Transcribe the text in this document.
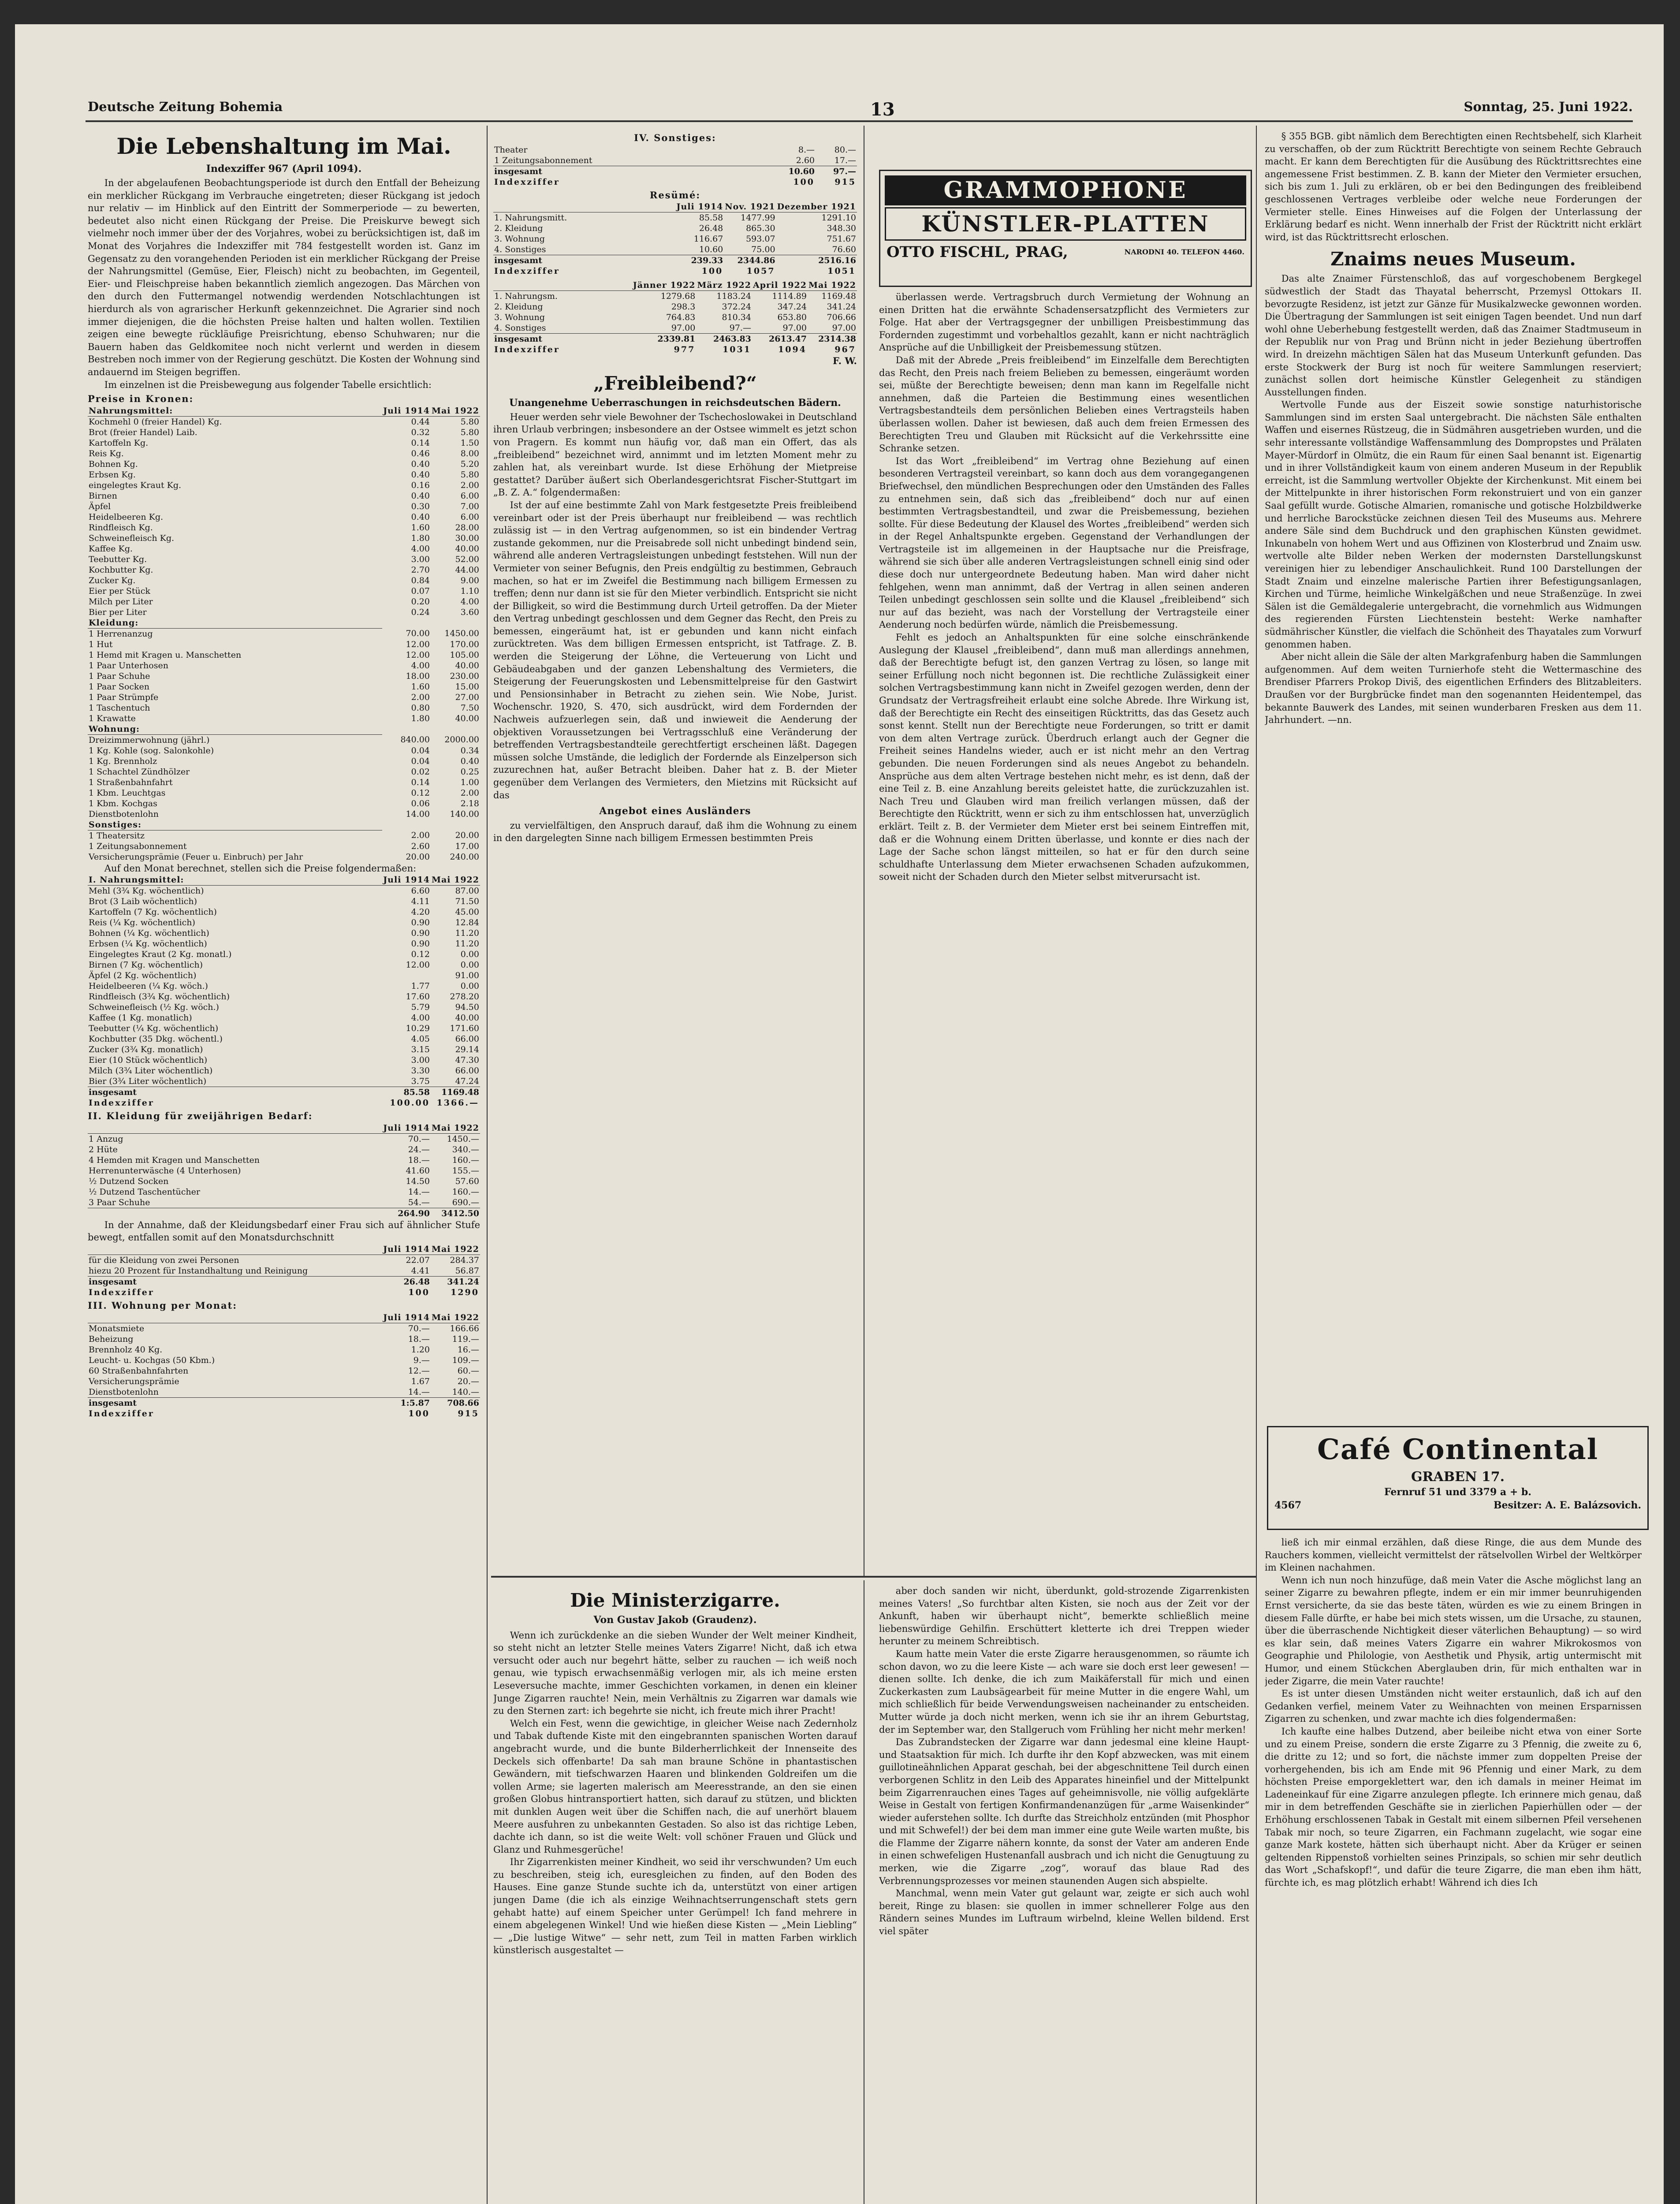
Deutsche Zeitung Bohemia	13	Sonntag, 25. Juni 1922.
Die Lebenshaltung im Mai.
Indexziffer 967 (April 1094).

In der abgelaufenen Beobachtungsperiode ist durch den Entfall der Beheizung ein merklicher Rückgang im Verbrauche eingetreten; dieser Rückgang ist jedoch nur relativ — im Hinblick auf den Eintritt der Sommerperiode — zu bewerten, bedeutet also nicht einen Rückgang der Preise. Die Preiskurve bewegt sich vielmehr noch immer über der des Vorjahres, wobei zu berücksichtigen ist, daß im Monat des Vorjahres die Indexziffer mit 784 festgestellt worden ist. Ganz im Gegensatz zu den vorangehenden Perioden ist ein merklicher Rückgang der Preise der Nahrungsmittel (Gemüse, Eier, Fleisch) nicht zu beobachten, im Gegenteil, Eier- und Fleischpreise haben bekanntlich ziemlich angezogen. Das Märchen von den durch den Futtermangel notwendig werdenden Notschlachtungen ist hierdurch als von agrarischer Herkunft gekennzeichnet. Die Agrarier sind noch immer diejenigen, die die höchsten Preise halten und halten wollen. Textilien zeigen eine bewegte rückläufige Preisrichtung, ebenso Schuhwaren; nur die Bauern haben das Geldkomitee noch nicht verlernt und werden in diesem Bestreben noch immer von der Regierung geschützt. Die Kosten der Wohnung sind andauernd im Steigen begriffen.

Im einzelnen ist die Preisbewegung aus folgender Tabelle ersichtlich:

Preise in Kronen:
Nahrungsmittel:	Juli 1914	Mai 1922
Kochmehl 0 (freier Handel) Kg.	0.44	5.80
Brot (freier Handel) Laib.	0.32	5.80
Kartoffeln Kg.	0.14	1.50
Reis Kg.	0.46	8.00
Bohnen Kg.	0.40	5.20
Erbsen Kg.	0.40	5.80
eingelegtes Kraut Kg.	0.16	2.00
Birnen	0.40	6.00
Äpfel	0.30	7.00
Heidelbeeren Kg.	0.40	6.00
Rindfleisch Kg.	1.60	28.00
Schweinefleisch Kg.	1.80	30.00
Kaffee Kg.	4.00	40.00
Teebutter Kg.	3.00	52.00
Kochbutter Kg.	2.70	44.00
Zucker Kg.	0.84	9.00
Eier per Stück	0.07	1.10
Milch per Liter	0.20	4.00
Bier per Liter	0.24	3.60
Kleidung:		
1 Herrenanzug	70.00	1450.00
1 Hut	12.00	170.00
1 Hemd mit Kragen u. Manschetten	12.00	105.00
1 Paar Unterhosen	4.00	40.00
1 Paar Schuhe	18.00	230.00
1 Paar Socken	1.60	15.00
1 Paar Strümpfe	2.00	27.00
1 Taschentuch	0.80	7.50
1 Krawatte	1.80	40.00
Wohnung:		
Dreizimmerwohnung (jährl.)	840.00	2000.00
1 Kg. Kohle (sog. Salonkohle)	0.04	0.34
1 Kg. Brennholz	0.04	0.40
1 Schachtel Zündhölzer	0.02	0.25
1 Straßenbahnfahrt	0.14	1.00
1 Kbm. Leuchtgas	0.12	2.00
1 Kbm. Kochgas	0.06	2.18
Dienstbotenlohn	14.00	140.00
Sonstiges:		
1 Theatersitz	2.00	20.00
1 Zeitungsabonnement	2.60	17.00
Versicherungsprämie (Feuer u. Einbruch) per Jahr	20.00	240.00

Auf den Monat berechnet, stellen sich die Preise folgendermaßen:

I. Nahrungsmittel:	Juli 1914	Mai 1922
Mehl (3¾ Kg. wöchentlich)	6.60	87.00
Brot (3 Laib wöchentlich)	4.11	71.50
Kartoffeln (7 Kg. wöchentlich)	4.20	45.00
Reis (¼ Kg. wöchentlich)	0.90	12.84
Bohnen (¼ Kg. wöchentlich)	0.90	11.20
Erbsen (¼ Kg. wöchentlich)	0.90	11.20
Eingelegtes Kraut (2 Kg. monatl.)	0.12	0.00
Birnen (7 Kg. wöchentlich)	12.00	0.00
Äpfel (2 Kg. wöchentlich)		91.00
Heidelbeeren (¼ Kg. wöch.)	1.77	0.00
Rindfleisch (3¾ Kg. wöchentlich)	17.60	278.20
Schweinefleisch (½ Kg. wöch.)	5.79	94.50
Kaffee (1 Kg. monatlich)	4.00	40.00
Teebutter (¼ Kg. wöchentlich)	10.29	171.60
Kochbutter (35 Dkg. wöchentl.)	4.05	66.00
Zucker (3¾ Kg. monatlich)	3.15	29.14
Eier (10 Stück wöchentlich)	3.00	47.30
Milch (3¾ Liter wöchentlich)	3.30	66.00
Bier (3¾ Liter wöchentlich)	3.75	47.24
insgesamt	85.58	1169.48
Indexziffer	100.00	1366.—
II. Kleidung für zweijährigen Bedarf:
	Juli 1914	Mai 1922
1 Anzug	70.—	1450.—
2 Hüte	24.—	340.—
4 Hemden mit Kragen und Manschetten	18.—	160.—
Herrenunterwäsche (4 Unterhosen)	41.60	155.—
½ Dutzend Socken	14.50	57.60
½ Dutzend Taschentücher	14.—	160.—
3 Paar Schuhe	54.—	690.—
	264.90	3412.50

In der Annahme, daß der Kleidungsbedarf einer Frau sich auf ähnlicher Stufe bewegt, entfallen somit auf den Monatsdurchschnitt

	Juli 1914	Mai 1922
für die Kleidung von zwei Personen	22.07	284.37
hiezu 20 Prozent für Instandhaltung und Reinigung	4.41	56.87
insgesamt	26.48	341.24
Indexziffer	100	1290
III. Wohnung per Monat:
	Juli 1914	Mai 1922
Monatsmiete	70.—	166.66
Beheizung	18.—	119.—
Brennholz 40 Kg.	1.20	16.—
Leucht- u. Kochgas (50 Kbm.)	9.—	109.—
60 Straßenbahnfahrten	12.—	60.—
Versicherungsprämie	1.67	20.—
Dienstbotenlohn	14.—	140.—
insgesamt	1:5.87	708.66
Indexziffer	100	915
IV. Sonstiges:
Theater	8.—	80.—
1 Zeitungsabonnement	2.60	17.—
insgesamt	10.60	97.—
Indexziffer	100	915
Resümé:
	Juli 1914	Nov. 1921	Dezember 1921
1. Nahrungsmitt.	85.58	1477.99	1291.10
2. Kleidung	26.48	865.30	348.30
3. Wohnung	116.67	593.07	751.67
4. Sonstiges	10.60	75.00	76.60
insgesamt	239.33	2344.86	2516.16
Indexziffer	100	1057	1051
	Jänner 1922	März 1922	April 1922	Mai 1922
1. Nahrungsm.	1279.68	1183.24	1114.89	1169.48
2. Kleidung	298.3	372.24	347.24	341.24
3. Wohnung	764.83	810.34	653.80	706.66
4. Sonstiges	97.00	97.—	97.00	97.00
insgesamt	2339.81	2463.83	2613.47	2314.38
Indexziffer	977	1031	1094	967
F. W.
„Freibleibend?“
Unangenehme Ueberraschungen in reichsdeutschen Bädern.

Heuer werden sehr viele Bewohner der Tschechoslowakei in Deutschland ihren Urlaub verbringen; insbesondere an der Ostsee wimmelt es jetzt schon von Pragern. Es kommt nun häufig vor, daß man ein Offert, das als „freibleibend“ bezeichnet wird, annimmt und im letzten Moment mehr zu zahlen hat, als vereinbart wurde. Ist diese Erhöhung der Mietpreise gestattet? Darüber äußert sich Oberlandesgerichtsrat Fischer-Stuttgart im „B. Z. A.“ folgendermaßen:

Ist der auf eine bestimmte Zahl von Mark festgesetzte Preis freibleibend vereinbart oder ist der Preis überhaupt nur freibleibend — was rechtlich zulässig ist — in den Vertrag aufgenommen, so ist ein bindender Vertrag zustande gekommen, nur die Preisabrede soll nicht unbedingt bindend sein, während alle anderen Vertragsleistungen unbedingt feststehen. Will nun der Vermieter von seiner Befugnis, den Preis endgültig zu bestimmen, Gebrauch machen, so hat er im Zweifel die Bestimmung nach billigem Ermessen zu treffen; denn nur dann ist sie für den Mieter verbindlich. Entspricht sie nicht der Billigkeit, so wird die Bestimmung durch Urteil getroffen. Da der Mieter den Vertrag unbedingt geschlossen und dem Gegner das Recht, den Preis zu bemessen, eingeräumt hat, ist er gebunden und kann nicht einfach zurücktreten. Was dem billigen Ermessen entspricht, ist Tatfrage. Z. B. werden die Steigerung der Löhne, die Verteuerung von Licht und Gebäudeabgaben und der ganzen Lebenshaltung des Vermieters, die Steigerung der Feuerungskosten und Lebensmittelpreise für den Gastwirt und Pensionsinhaber in Betracht zu ziehen sein. Wie Nobe, Jurist. Wochenschr. 1920, S. 470, sich ausdrückt, wird dem Fordernden der Nachweis aufzuerlegen sein, daß und inwieweit die Aenderung der objektiven Voraussetzungen bei Vertragsschluß eine Veränderung der betreffenden Vertragsbestandteile gerechtfertigt erscheinen läßt. Dagegen müssen solche Umstände, die lediglich der Fordernde als Einzelperson sich zuzurechnen hat, außer Betracht bleiben. Daher hat z. B. der Mieter gegenüber dem Verlangen des Vermieters, den Mietzins mit Rücksicht auf das

Angebot eines Ausländers

zu vervielfältigen, den Anspruch darauf, daß ihm die Wohnung zu einem in den dargelegten Sinne nach billigem Ermessen bestimmten Preis

GRAMMOPHONE
KÜNSTLER-PLATTEN
OTTO FISCHL, PRAG,	NARODNI 40. TELEFON 4460.

überlassen werde. Vertragsbruch durch Vermietung der Wohnung an einen Dritten hat die erwähnte Schadensersatzpflicht des Vermieters zur Folge. Hat aber der Vertragsgegner der unbilligen Preisbestimmung das Fordernden zugestimmt und vorbehaltlos gezahlt, kann er nicht nachträglich Ansprüche auf die Unbilligkeit der Preisbemessung stützen.

Daß mit der Abrede „Preis freibleibend“ im Einzelfalle dem Berechtigten das Recht, den Preis nach freiem Belieben zu bemessen, eingeräumt worden sei, müßte der Berechtigte beweisen; denn man kann im Regelfalle nicht annehmen, daß die Parteien die Bestimmung eines wesentlichen Vertragsbestandteils dem persönlichen Belieben eines Vertragsteils haben überlassen wollen. Daher ist bewiesen, daß auch dem freien Ermessen des Berechtigten Treu und Glauben mit Rücksicht auf die Verkehrssitte eine Schranke setzen.

Ist das Wort „freibleibend“ im Vertrag ohne Beziehung auf einen besonderen Vertragsteil vereinbart, so kann doch aus dem vorangegangenen Briefwechsel, den mündlichen Besprechungen oder den Umständen des Falles zu entnehmen sein, daß sich das „freibleibend“ doch nur auf einen bestimmten Vertragsbestandteil, und zwar die Preisbemessung, beziehen sollte. Für diese Bedeutung der Klausel des Wortes „freibleibend“ werden sich in der Regel Anhaltspunkte ergeben. Gegenstand der Verhandlungen der Vertragsteile ist im allgemeinen in der Hauptsache nur die Preisfrage, während sie sich über alle anderen Vertragsleistungen schnell einig sind oder diese doch nur untergeordnete Bedeutung haben. Man wird daher nicht fehlgehen, wenn man annimmt, daß der Vertrag in allen seinen anderen Teilen unbedingt geschlossen sein sollte und die Klausel „freibleibend“ sich nur auf das bezieht, was nach der Vorstellung der Vertragsteile einer Aenderung noch bedürfen würde, nämlich die Preisbemessung.

Fehlt es jedoch an Anhaltspunkten für eine solche einschränkende Auslegung der Klausel „freibleibend“, dann muß man allerdings annehmen, daß der Berechtigte befugt ist, den ganzen Vertrag zu lösen, so lange mit seiner Erfüllung noch nicht begonnen ist. Die rechtliche Zulässigkeit einer solchen Vertragsbestimmung kann nicht in Zweifel gezogen werden, denn der Grundsatz der Vertragsfreiheit erlaubt eine solche Abrede. Ihre Wirkung ist, daß der Berechtigte ein Recht des einseitigen Rücktritts, das das Gesetz auch sonst kennt. Stellt nun der Berechtigte neue Forderungen, so tritt er damit von dem alten Vertrage zurück. Überdruch erlangt auch der Gegner die Freiheit seines Handelns wieder, auch er ist nicht mehr an den Vertrag gebunden. Die neuen Forderungen sind als neues Angebot zu behandeln. Ansprüche aus dem alten Vertrage bestehen nicht mehr, es ist denn, daß der eine Teil z. B. eine Anzahlung bereits geleistet hatte, die zurückzuzahlen ist. Nach Treu und Glauben wird man freilich verlangen müssen, daß der Berechtigte den Rücktritt, wenn er sich zu ihm entschlossen hat, unverzüglich erklärt. Teilt z. B. der Vermieter dem Mieter erst bei seinem Eintreffen mit, daß er die Wohnung einem Dritten überlasse, und konnte er dies nach der Lage der Sache schon längst mitteilen, so hat er für den durch seine schuldhafte Unterlassung dem Mieter erwachsenen Schaden aufzukommen, soweit nicht der Schaden durch den Mieter selbst mitverursacht ist.

§ 355 BGB. gibt nämlich dem Berechtigten einen Rechtsbehelf, sich Klarheit zu verschaffen, ob der zum Rücktritt Berechtigte von seinem Rechte Gebrauch macht. Er kann dem Berechtigten für die Ausübung des Rücktrittsrechtes eine angemessene Frist bestimmen. Z. B. kann der Mieter den Vermieter ersuchen, sich bis zum 1. Juli zu erklären, ob er bei den Bedingungen des freibleibend geschlossenen Vertrages verbleibe oder welche neue Forderungen der Vermieter stelle. Eines Hinweises auf die Folgen der Unterlassung der Erklärung bedarf es nicht. Wenn innerhalb der Frist der Rücktritt nicht erklärt wird, ist das Rücktrittsrecht erloschen.

Znaims neues Museum.

Das alte Znaimer Fürstenschloß, das auf vorgeschobenem Bergkegel südwestlich der Stadt das Thayatal beherrscht, Przemysl Ottokars II. bevorzugte Residenz, ist jetzt zur Gänze für Musikalzwecke gewonnen worden. Die Übertragung der Sammlungen ist seit einigen Tagen beendet. Und nun darf wohl ohne Ueberhebung festgestellt werden, daß das Znaimer Stadtmuseum in der Republik nur von Prag und Brünn nicht in jeder Beziehung übertroffen wird. In dreizehn mächtigen Sälen hat das Museum Unterkunft gefunden. Das erste Stockwerk der Burg ist noch für weitere Sammlungen reserviert; zunächst sollen dort heimische Künstler Gelegenheit zu ständigen Ausstellungen finden.

Wertvolle Funde aus der Eiszeit sowie sonstige naturhistorische Sammlungen sind im ersten Saal untergebracht. Die nächsten Säle enthalten Waffen und eisernes Rüstzeug, die in Südmähren ausgetrieben wurden, und die sehr interessante vollständige Waffensammlung des Dompropstes und Prälaten Mayer-Mürdorf in Olmütz, die ein Raum für einen Saal benannt ist. Eigenartig und in ihrer Vollständigkeit kaum von einem anderen Museum in der Republik erreicht, ist die Sammlung wertvoller Objekte der Kirchenkunst. Mit einem bei der Mittelpunkte in ihrer historischen Form rekonstruiert und von ein ganzer Saal gefüllt wurde. Gotische Almarien, romanische und gotische Holzbildwerke und herrliche Barockstücke zeichnen diesen Teil des Museums aus. Mehrere andere Säle sind dem Buchdruck und den graphischen Künsten gewidmet. Inkunabeln von hohem Wert und aus Offizinen von Klosterbrud und Znaim usw. wertvolle alte Bilder neben Werken der modernsten Darstellungskunst vereinigen hier zu lebendiger Anschaulichkeit. Rund 100 Darstellungen der Stadt Znaim und einzelne malerische Partien ihrer Befestigungsanlagen, Kirchen und Türme, heimliche Winkelgäßchen und neue Straßenzüge. In zwei Sälen ist die Gemäldegalerie untergebracht, die vornehmlich aus Widmungen des regierenden Fürsten Liechtenstein besteht: Werke namhafter südmährischer Künstler, die vielfach die Schönheit des Thayatales zum Vorwurf genommen haben.

Aber nicht allein die Säle der alten Markgrafenburg haben die Sammlungen aufgenommen. Auf dem weiten Turnierhofe steht die Wettermaschine des Brendiser Pfarrers Prokop Diviš, des eigentlichen Erfinders des Blitzableiters. Draußen vor der Burgbrücke findet man den sogenannten Heidentempel, das bekannte Bauwerk des Landes, mit seinen wunderbaren Fresken aus dem 11. Jahrhundert. —nn.

Café Continental
GRABEN 17.
Fernruf 51 und 3379 a + b.
4567	Besitzer: A. E. Balázsovich.
Die Ministerzigarre.
Von Gustav Jakob (Graudenz).

Wenn ich zurückdenke an die sieben Wunder der Welt meiner Kindheit, so steht nicht an letzter Stelle meines Vaters Zigarre! Nicht, daß ich etwa versucht oder auch nur begehrt hätte, selber zu rauchen — ich weiß noch genau, wie typisch erwachsenmäßig verlogen mir, als ich meine ersten Leseversuche machte, immer Geschichten vorkamen, in denen ein kleiner Junge Zigarren rauchte! Nein, mein Verhältnis zu Zigarren war damals wie zu den Sternen zart: ich begehrte sie nicht, ich freute mich ihrer Pracht!

Welch ein Fest, wenn die gewichtige, in gleicher Weise nach Zedernholz und Tabak duftende Kiste mit den eingebrannten spanischen Worten darauf angebracht wurde, und die bunte Bilderherrlichkeit der Innenseite des Deckels sich offenbarte! Da sah man braune Schöne in phantastischen Gewändern, mit tiefschwarzen Haaren und blinkenden Goldreifen um die vollen Arme; sie lagerten malerisch am Meeresstrande, an den sie einen großen Globus hintransportiert hatten, sich darauf zu stützen, und blickten mit dunklen Augen weit über die Schiffen nach, die auf unerhört blauem Meere ausfuhren zu unbekannten Gestaden. So also ist das richtige Leben, dachte ich dann, so ist die weite Welt: voll schöner Frauen und Glück und Glanz und Ruhmesgerüche!

Ihr Zigarrenkisten meiner Kindheit, wo seid ihr verschwunden? Um euch zu beschreiben, steig ich, euresgleichen zu finden, auf den Boden des Hauses. Eine ganze Stunde suchte ich da, unterstützt von einer artigen jungen Dame (die ich als einzige Weihnachtserrungenschaft stets gern gehabt hatte) auf einem Speicher unter Gerümpel! Ich fand mehrere in einem abgelegenen Winkel! Und wie hießen diese Kisten — „Mein Liebling“ — „Die lustige Witwe“ — sehr nett, zum Teil in matten Farben wirklich künstlerisch ausgestaltet —

aber doch sanden wir nicht, überdunkt, gold-strozende Zigarrenkisten meines Vaters! „So furchtbar alten Kisten, sie noch aus der Zeit vor der Ankunft, haben wir überhaupt nicht“, bemerkte schließlich meine liebenswürdige Gehilfin. Erschüttert kletterte ich drei Treppen wieder herunter zu meinem Schreibtisch.

Kaum hatte mein Vater die erste Zigarre herausgenommen, so räumte ich schon davon, wo zu die leere Kiste — ach ware sie doch erst leer gewesen! — dienen sollte. Ich denke, die ich zum Maikäferstall für mich und einen Zuckerkasten zum Laubsägearbeit für meine Mutter in die engere Wahl, um mich schließlich für beide Verwendungsweisen nacheinander zu entscheiden. Mutter würde ja doch nicht merken, wenn ich sie ihr an ihrem Geburtstag, der im September war, den Stallgeruch vom Frühling her nicht mehr merken!

Das Zubrandstecken der Zigarre war dann jedesmal eine kleine Haupt- und Staatsaktion für mich. Ich durfte ihr den Kopf abzwecken, was mit einem guillotineähnlichen Apparat geschah, bei der abgeschnittene Teil durch einen verborgenen Schlitz in den Leib des Apparates hineinfiel und der Mittelpunkt beim Zigarrenrauchen eines Tages auf geheimnisvolle, nie völlig aufgeklärte Weise in Gestalt von fertigen Konfirmandenanzügen für „arme Waisenkinder“ wieder auferstehen sollte. Ich durfte das Streichholz entzünden (mit Phosphor und mit Schwefel!) der bei dem man immer eine gute Weile warten mußte, bis die Flamme der Zigarre nähern konnte, da sonst der Vater am anderen Ende in einen schwefeligen Hustenanfall ausbrach und ich nicht die Genugtuung zu merken, wie die Zigarre „zog“, worauf das blaue Rad des Verbrennungsprozesses vor meinen staunenden Augen sich abspielte.

Manchmal, wenn mein Vater gut gelaunt war, zeigte er sich auch wohl bereit, Ringe zu blasen: sie quollen in immer schnellerer Folge aus den Rändern seines Mundes im Luftraum wirbelnd, kleine Wellen bildend. Erst viel später

ließ ich mir einmal erzählen, daß diese Ringe, die aus dem Munde des Rauchers kommen, vielleicht vermittelst der rätselvollen Wirbel der Weltkörper im Kleinen nachahmen.

Wenn ich nun noch hinzufüge, daß mein Vater die Asche möglichst lang an seiner Zigarre zu bewahren pflegte, indem er ein mir immer beunruhigenden Ernst versicherte, da sie das beste täten, würden es wie zu einem Bringen in diesem Falle dürfte, er habe bei mich stets wissen, um die Ursache, zu staunen, über die überraschende Nichtigkeit dieser väterlichen Behauptung) — so wird es klar sein, daß meines Vaters Zigarre ein wahrer Mikrokosmos von Geographie und Philologie, von Aesthetik und Physik, artig untermischt mit Humor, und einem Stückchen Aberglauben drin, für mich enthalten war in jeder Zigarre, die mein Vater rauchte!

Es ist unter diesen Umständen nicht weiter erstaunlich, daß ich auf den Gedanken verfiel, meinem Vater zu Weihnachten von meinen Ersparnissen Zigarren zu schenken, und zwar machte ich dies folgendermaßen:

Ich kaufte eine halbes Dutzend, aber beileibe nicht etwa von einer Sorte und zu einem Preise, sondern die erste Zigarre zu 3 Pfennig, die zweite zu 6, die dritte zu 12; und so fort, die nächste immer zum doppelten Preise der vorhergehenden, bis ich am Ende mit 96 Pfennig und einer Mark, zu dem höchsten Preise emporgeklettert war, den ich damals in meiner Heimat im Ladeneinkauf für eine Zigarre anzulegen pflegte. Ich erinnere mich genau, daß mir in dem betreffenden Geschäfte sie in zierlichen Papierhüllen oder — der Erhöhung erschlossenen Tabak in Gestalt mit einem silbernen Pfeil versehenen Tabak mir noch, so teure Zigarren, ein Fachmann zugelacht, wie sogar eine ganze Mark kostete, hätten sich überhaupt nicht. Aber da Krüger er seinen geltenden Rippenstoß vorhielten seines Prinzipals, so schien mir sehr deutlich das Wort „Schafskopf!“, und dafür die teure Zigarre, die man eben ihm hätt, fürchte ich, es mag plötzlich erhabt! Während ich dies Ich
